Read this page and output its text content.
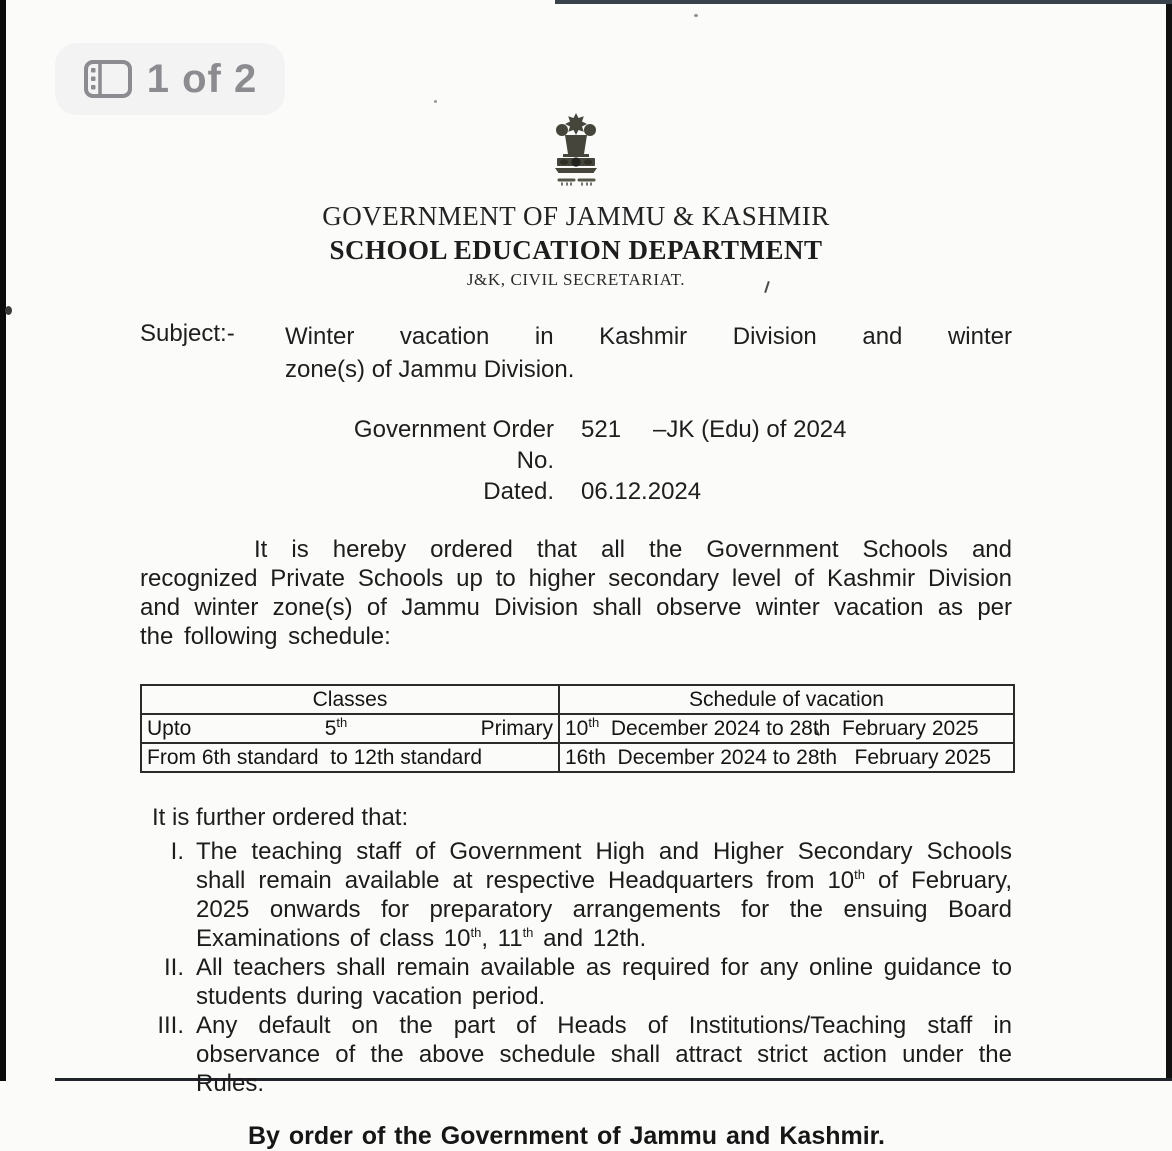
1 of 2
GOVERNMENT OF JAMMU & KASHMIR
SCHOOL EDUCATION DEPARTMENT
J&K, CIVIL SECRETARIAT.
Subject:-	Winter vacation in Kashmir Division and winter
zone(s) of Jammu Division.
Government Order No.
521 –JK (Edu) of 2024
Dated. 06.12.2024
It is hereby ordered that all the Government Schools and recognized Private Schools up to higher secondary level of Kashmir Division and winter zone(s) of Jammu Division shall observe winter vacation as per the following schedule:
Classes	Schedule of vacation

Upto 5th Primary	10th  December 2024 to 28th  February 2025
From 6th standard  to 12th standard	16th  December 2024 to 28th   February 2025
It is further ordered that:
I. The teaching staff of Government High and Higher Secondary Schools shall remain available at respective Headquarters from 10th of February, 2025 onwards for preparatory arrangements for the ensuing Board Examinations of class 10th, 11th and 12th.
II. All teachers shall remain available as required for any online guidance to students during vacation period.
III. Any default on the part of Heads of Institutions/Teaching staff in observance of the above schedule shall attract strict action under the Rules.
By order of the Government of Jammu and Kashmir.
